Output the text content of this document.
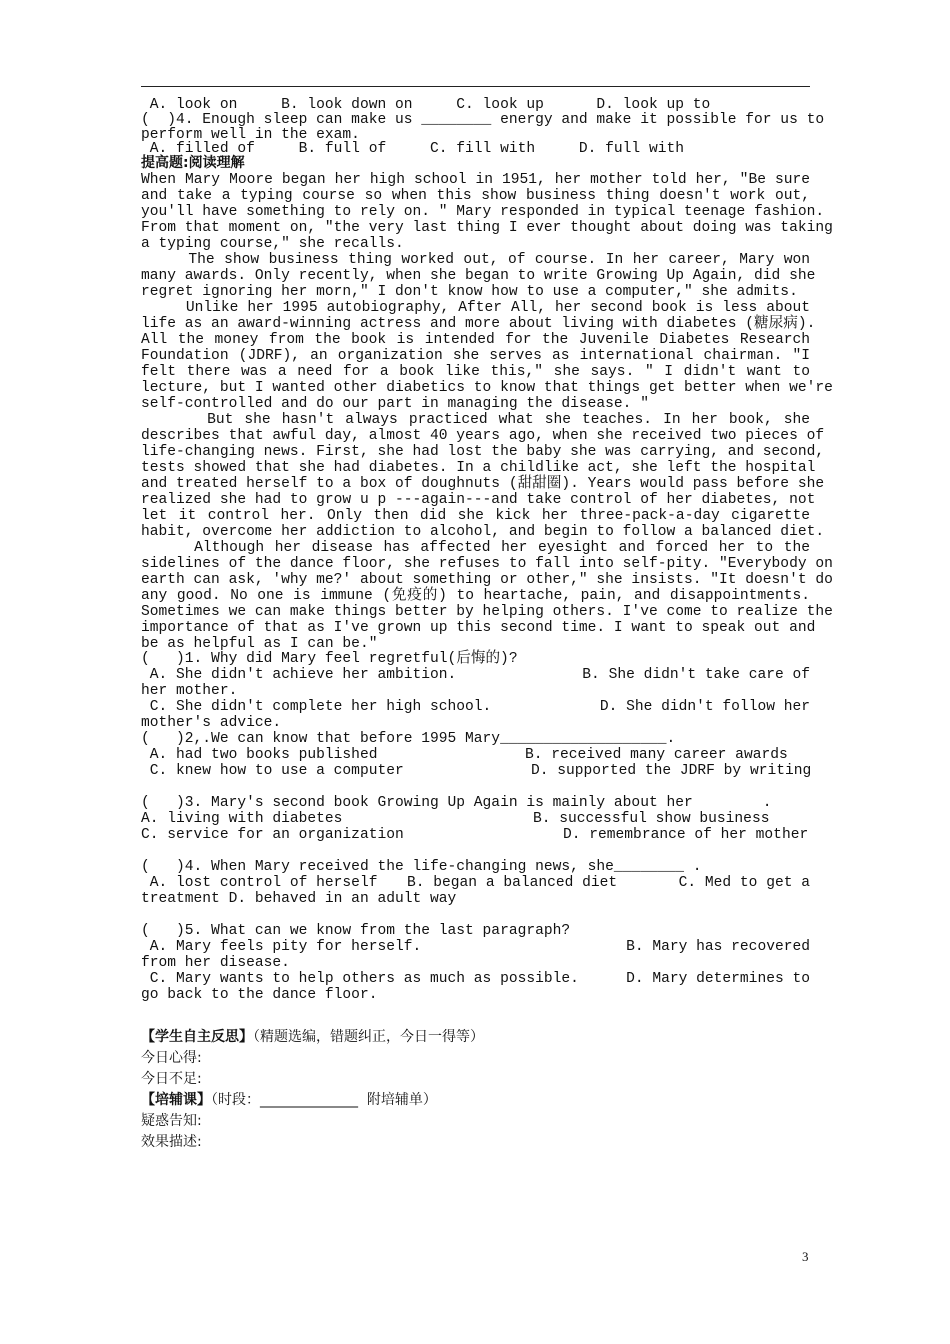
A. look on     B. look down on     C. look up      D. look up to
(  )4. Enough sleep can make us ________ energy and make it possible for us to
perform well in the exam.
A. filled of     B. full of     C. fill with     D. full with
提高题:阅读理解
When Mary Moore began her high school in 1951, her mother told her, "Be sure
and take a typing course so when this show business thing doesn't work out,
you'll have something to rely on. " Mary responded in typical teenage fashion.
From that moment on, "the very last thing I ever thought about doing was taking
a typing course," she recalls.
The show business thing worked out, of course. In her career, Mary won
many awards. Only recently, when she began to write Growing Up Again, did she
regret ignoring her morn," I don't know how to use a computer," she admits.
Unlike her 1995 autobiography, After All, her second book is less about
life as an award-winning actress and more about living with diabetes (糖尿病).
All the money from the book is intended for the Juvenile Diabetes Research
Foundation (JDRF), an organization she serves as international chairman. "I
felt there was a need for a book like this," she says. " I didn't want to
lecture, but I wanted other diabetics to know that things get better when we're
self-controlled and do our part in managing the disease. "
But she hasn't always practiced what she teaches. In her book, she
describes that awful day, almost 40 years ago, when she received two pieces of
life-changing news. First, she had lost the baby she was carrying, and second,
tests showed that she had diabetes. In a childlike act, she left the hospital
and treated herself to a box of doughnuts (甜甜圈). Years would pass before she
realized she had to grow u p ---again---and take control of her diabetes, not
let it control her. Only then did she kick her three-pack-a-day cigarette
habit, overcome her addiction to alcohol, and begin to follow a balanced diet.
Although her disease has affected her eyesight and forced her to the
sidelines of the dance floor, she refuses to fall into self-pity. "Everybody on
earth can ask, 'why me?' about something or other," she insists. "It doesn't do
any good. No one is immune (免疫的) to heartache, pain, and disappointments.
Sometimes we can make things better by helping others. I've come to realize the
importance of that as I've grown up this second time. I want to speak out and
be as helpful as I can be."
(   )1. Why did Mary feel regretful(后悔的)?
A. She didn't achieve her ambition.	B. She didn't take care of
her mother.
C. She didn't complete her high school.	D. She didn't follow her
mother's advice.
(   )2,.We can know that before 1995 Mary___________________.
A. had two books published	B. received many career awards
C. knew how to use a computer	D. supported the JDRF by writing
(   )3. Mary's second book Growing Up Again is mainly about her        .
A. living with diabetes	B. successful show business
C. service for an organization	D. remembrance of her mother
(   )4. When Mary received the life-changing news, she________ .
A. lost control of herself B. began a balanced diet	C. Med to get a
treatment D. behaved in an adult way
(   )5. What can we know from the last paragraph?
A. Mary feels pity for herself.	B. Mary has recovered
from her disease.
C. Mary wants to help others as much as possible.	D. Mary determines to
go back to the dance floor.
【学生自主反思】（精题选编，错题纠正，今日一得等）
今日心得:
今日不足:
【培辅课】（时段：______________  附培辅单）
疑惑告知:
效果描述:
3
